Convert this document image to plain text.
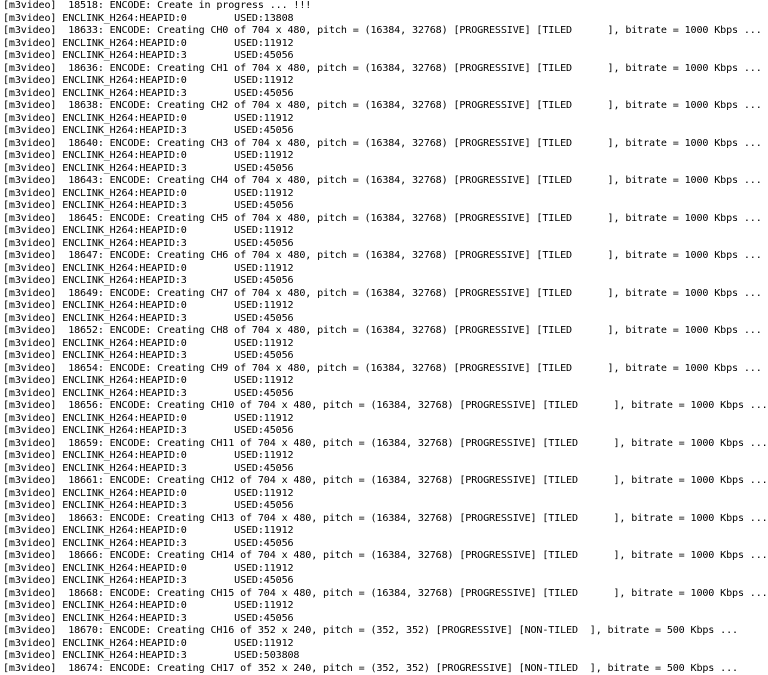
[m3video]  18518: ENCODE: Create in progress ... !!!
[m3video] ENCLINK_H264:HEAPID:0        USED:13808
[m3video]  18633: ENCODE: Creating CH0 of 704 x 480, pitch = (16384, 32768) [PROGRESSIVE] [TILED      ], bitrate = 1000 Kbps ...
[m3video] ENCLINK_H264:HEAPID:0        USED:11912
[m3video] ENCLINK_H264:HEAPID:3        USED:45056
[m3video]  18636: ENCODE: Creating CH1 of 704 x 480, pitch = (16384, 32768) [PROGRESSIVE] [TILED      ], bitrate = 1000 Kbps ...
[m3video] ENCLINK_H264:HEAPID:0        USED:11912
[m3video] ENCLINK_H264:HEAPID:3        USED:45056
[m3video]  18638: ENCODE: Creating CH2 of 704 x 480, pitch = (16384, 32768) [PROGRESSIVE] [TILED      ], bitrate = 1000 Kbps ...
[m3video] ENCLINK_H264:HEAPID:0        USED:11912
[m3video] ENCLINK_H264:HEAPID:3        USED:45056
[m3video]  18640: ENCODE: Creating CH3 of 704 x 480, pitch = (16384, 32768) [PROGRESSIVE] [TILED      ], bitrate = 1000 Kbps ...
[m3video] ENCLINK_H264:HEAPID:0        USED:11912
[m3video] ENCLINK_H264:HEAPID:3        USED:45056
[m3video]  18643: ENCODE: Creating CH4 of 704 x 480, pitch = (16384, 32768) [PROGRESSIVE] [TILED      ], bitrate = 1000 Kbps ...
[m3video] ENCLINK_H264:HEAPID:0        USED:11912
[m3video] ENCLINK_H264:HEAPID:3        USED:45056
[m3video]  18645: ENCODE: Creating CH5 of 704 x 480, pitch = (16384, 32768) [PROGRESSIVE] [TILED      ], bitrate = 1000 Kbps ...
[m3video] ENCLINK_H264:HEAPID:0        USED:11912
[m3video] ENCLINK_H264:HEAPID:3        USED:45056
[m3video]  18647: ENCODE: Creating CH6 of 704 x 480, pitch = (16384, 32768) [PROGRESSIVE] [TILED      ], bitrate = 1000 Kbps ...
[m3video] ENCLINK_H264:HEAPID:0        USED:11912
[m3video] ENCLINK_H264:HEAPID:3        USED:45056
[m3video]  18649: ENCODE: Creating CH7 of 704 x 480, pitch = (16384, 32768) [PROGRESSIVE] [TILED      ], bitrate = 1000 Kbps ...
[m3video] ENCLINK_H264:HEAPID:0        USED:11912
[m3video] ENCLINK_H264:HEAPID:3        USED:45056
[m3video]  18652: ENCODE: Creating CH8 of 704 x 480, pitch = (16384, 32768) [PROGRESSIVE] [TILED      ], bitrate = 1000 Kbps ...
[m3video] ENCLINK_H264:HEAPID:0        USED:11912
[m3video] ENCLINK_H264:HEAPID:3        USED:45056
[m3video]  18654: ENCODE: Creating CH9 of 704 x 480, pitch = (16384, 32768) [PROGRESSIVE] [TILED      ], bitrate = 1000 Kbps ...
[m3video] ENCLINK_H264:HEAPID:0        USED:11912
[m3video] ENCLINK_H264:HEAPID:3        USED:45056
[m3video]  18656: ENCODE: Creating CH10 of 704 x 480, pitch = (16384, 32768) [PROGRESSIVE] [TILED      ], bitrate = 1000 Kbps ...
[m3video] ENCLINK_H264:HEAPID:0        USED:11912
[m3video] ENCLINK_H264:HEAPID:3        USED:45056
[m3video]  18659: ENCODE: Creating CH11 of 704 x 480, pitch = (16384, 32768) [PROGRESSIVE] [TILED      ], bitrate = 1000 Kbps ...
[m3video] ENCLINK_H264:HEAPID:0        USED:11912
[m3video] ENCLINK_H264:HEAPID:3        USED:45056
[m3video]  18661: ENCODE: Creating CH12 of 704 x 480, pitch = (16384, 32768) [PROGRESSIVE] [TILED      ], bitrate = 1000 Kbps ...
[m3video] ENCLINK_H264:HEAPID:0        USED:11912
[m3video] ENCLINK_H264:HEAPID:3        USED:45056
[m3video]  18663: ENCODE: Creating CH13 of 704 x 480, pitch = (16384, 32768) [PROGRESSIVE] [TILED      ], bitrate = 1000 Kbps ...
[m3video] ENCLINK_H264:HEAPID:0        USED:11912
[m3video] ENCLINK_H264:HEAPID:3        USED:45056
[m3video]  18666: ENCODE: Creating CH14 of 704 x 480, pitch = (16384, 32768) [PROGRESSIVE] [TILED      ], bitrate = 1000 Kbps ...
[m3video] ENCLINK_H264:HEAPID:0        USED:11912
[m3video] ENCLINK_H264:HEAPID:3        USED:45056
[m3video]  18668: ENCODE: Creating CH15 of 704 x 480, pitch = (16384, 32768) [PROGRESSIVE] [TILED      ], bitrate = 1000 Kbps ...
[m3video] ENCLINK_H264:HEAPID:0        USED:11912
[m3video] ENCLINK_H264:HEAPID:3        USED:45056
[m3video]  18670: ENCODE: Creating CH16 of 352 x 240, pitch = (352, 352) [PROGRESSIVE] [NON-TILED  ], bitrate = 500 Kbps ...
[m3video] ENCLINK_H264:HEAPID:0        USED:11912
[m3video] ENCLINK_H264:HEAPID:3        USED:503808
[m3video]  18674: ENCODE: Creating CH17 of 352 x 240, pitch = (352, 352) [PROGRESSIVE] [NON-TILED  ], bitrate = 500 Kbps ...
